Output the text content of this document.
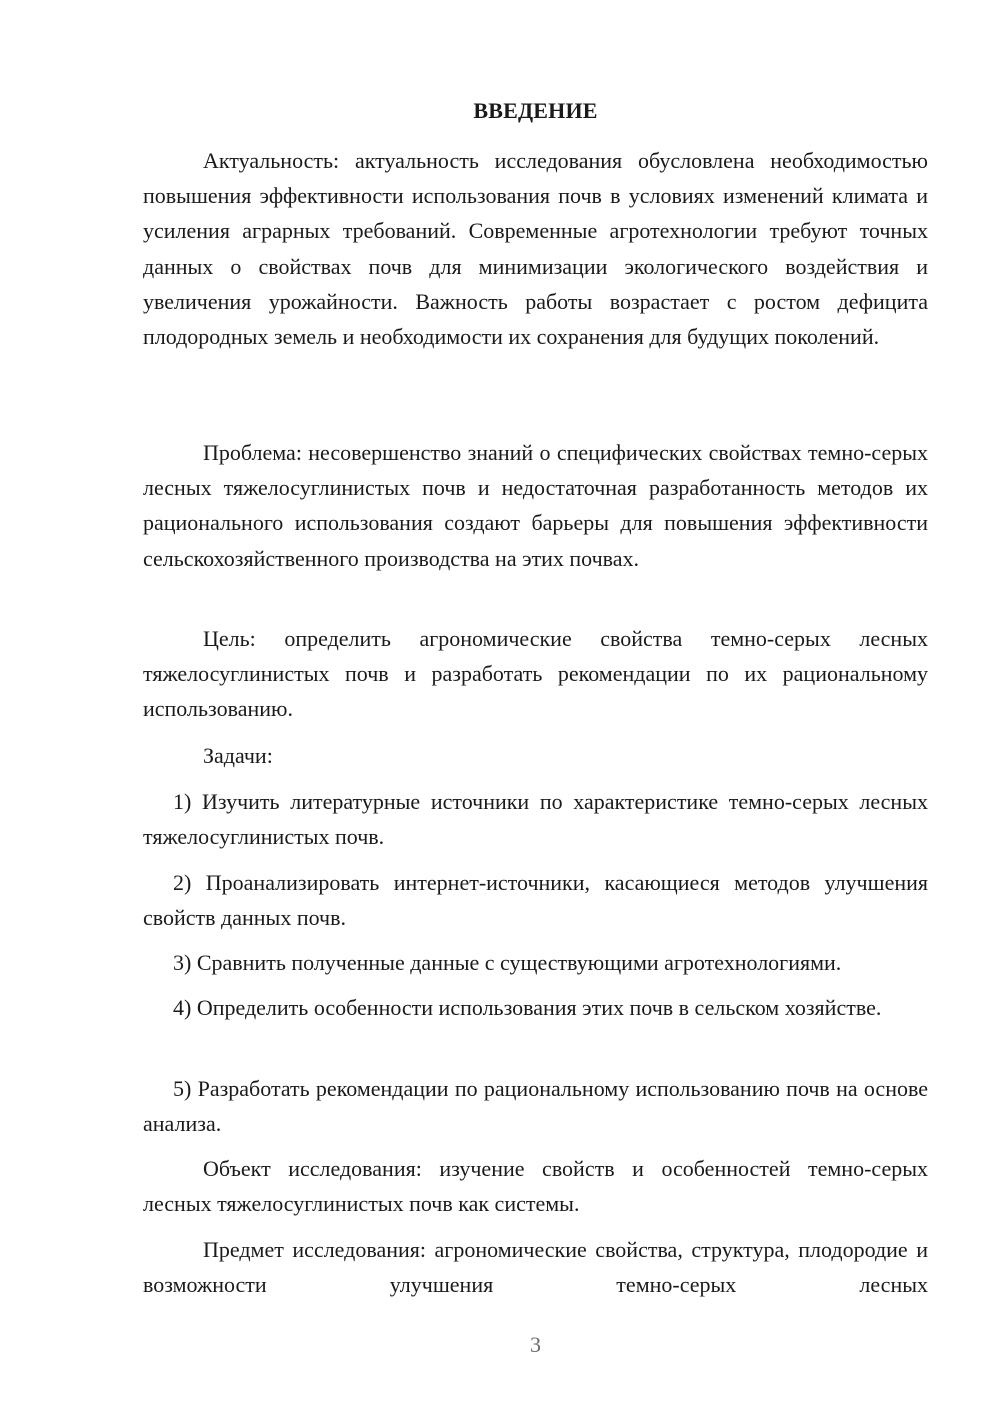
ВВЕДЕНИЕ

Актуальность: актуальность исследования обусловлена необходимостью повышения эффективности использования почв в условиях изменений климата и усиления аграрных требований. Современные агротехнологии требуют точных данных о свойствах почв для минимизации экологического воздействия и увеличения урожайности. Важность работы возрастает с ростом дефицита плодородных земель и необходимости их сохранения для будущих поколений.

Проблема: несовершенство знаний о специфических свойствах темно-серых лесных тяжелосуглинистых почв и недостаточная разработанность методов их рационального использования создают барьеры для повышения эффективности сельскохозяйственного производства на этих почвах.

Цель: определить агрономические свойства темно-серых лесных тяжелосуглинистых почв и разработать рекомендации по их рациональному использованию.

Задачи:

1) Изучить литературные источники по характеристике темно-серых лесных тяжелосуглинистых почв.

2) Проанализировать интернет-источники, касающиеся методов улучшения свойств данных почв.

3) Сравнить полученные данные с существующими агротехнологиями.

4) Определить особенности использования этих почв в сельском хозяйстве.

5) Разработать рекомендации по рациональному использованию почв на основе анализа.

Объект исследования: изучение свойств и особенностей темно-серых лесных тяжелосуглинистых почв как системы.

Предмет исследования: агрономические свойства, структура, плодородие и возможности улучшения темно-серых лесных

3
